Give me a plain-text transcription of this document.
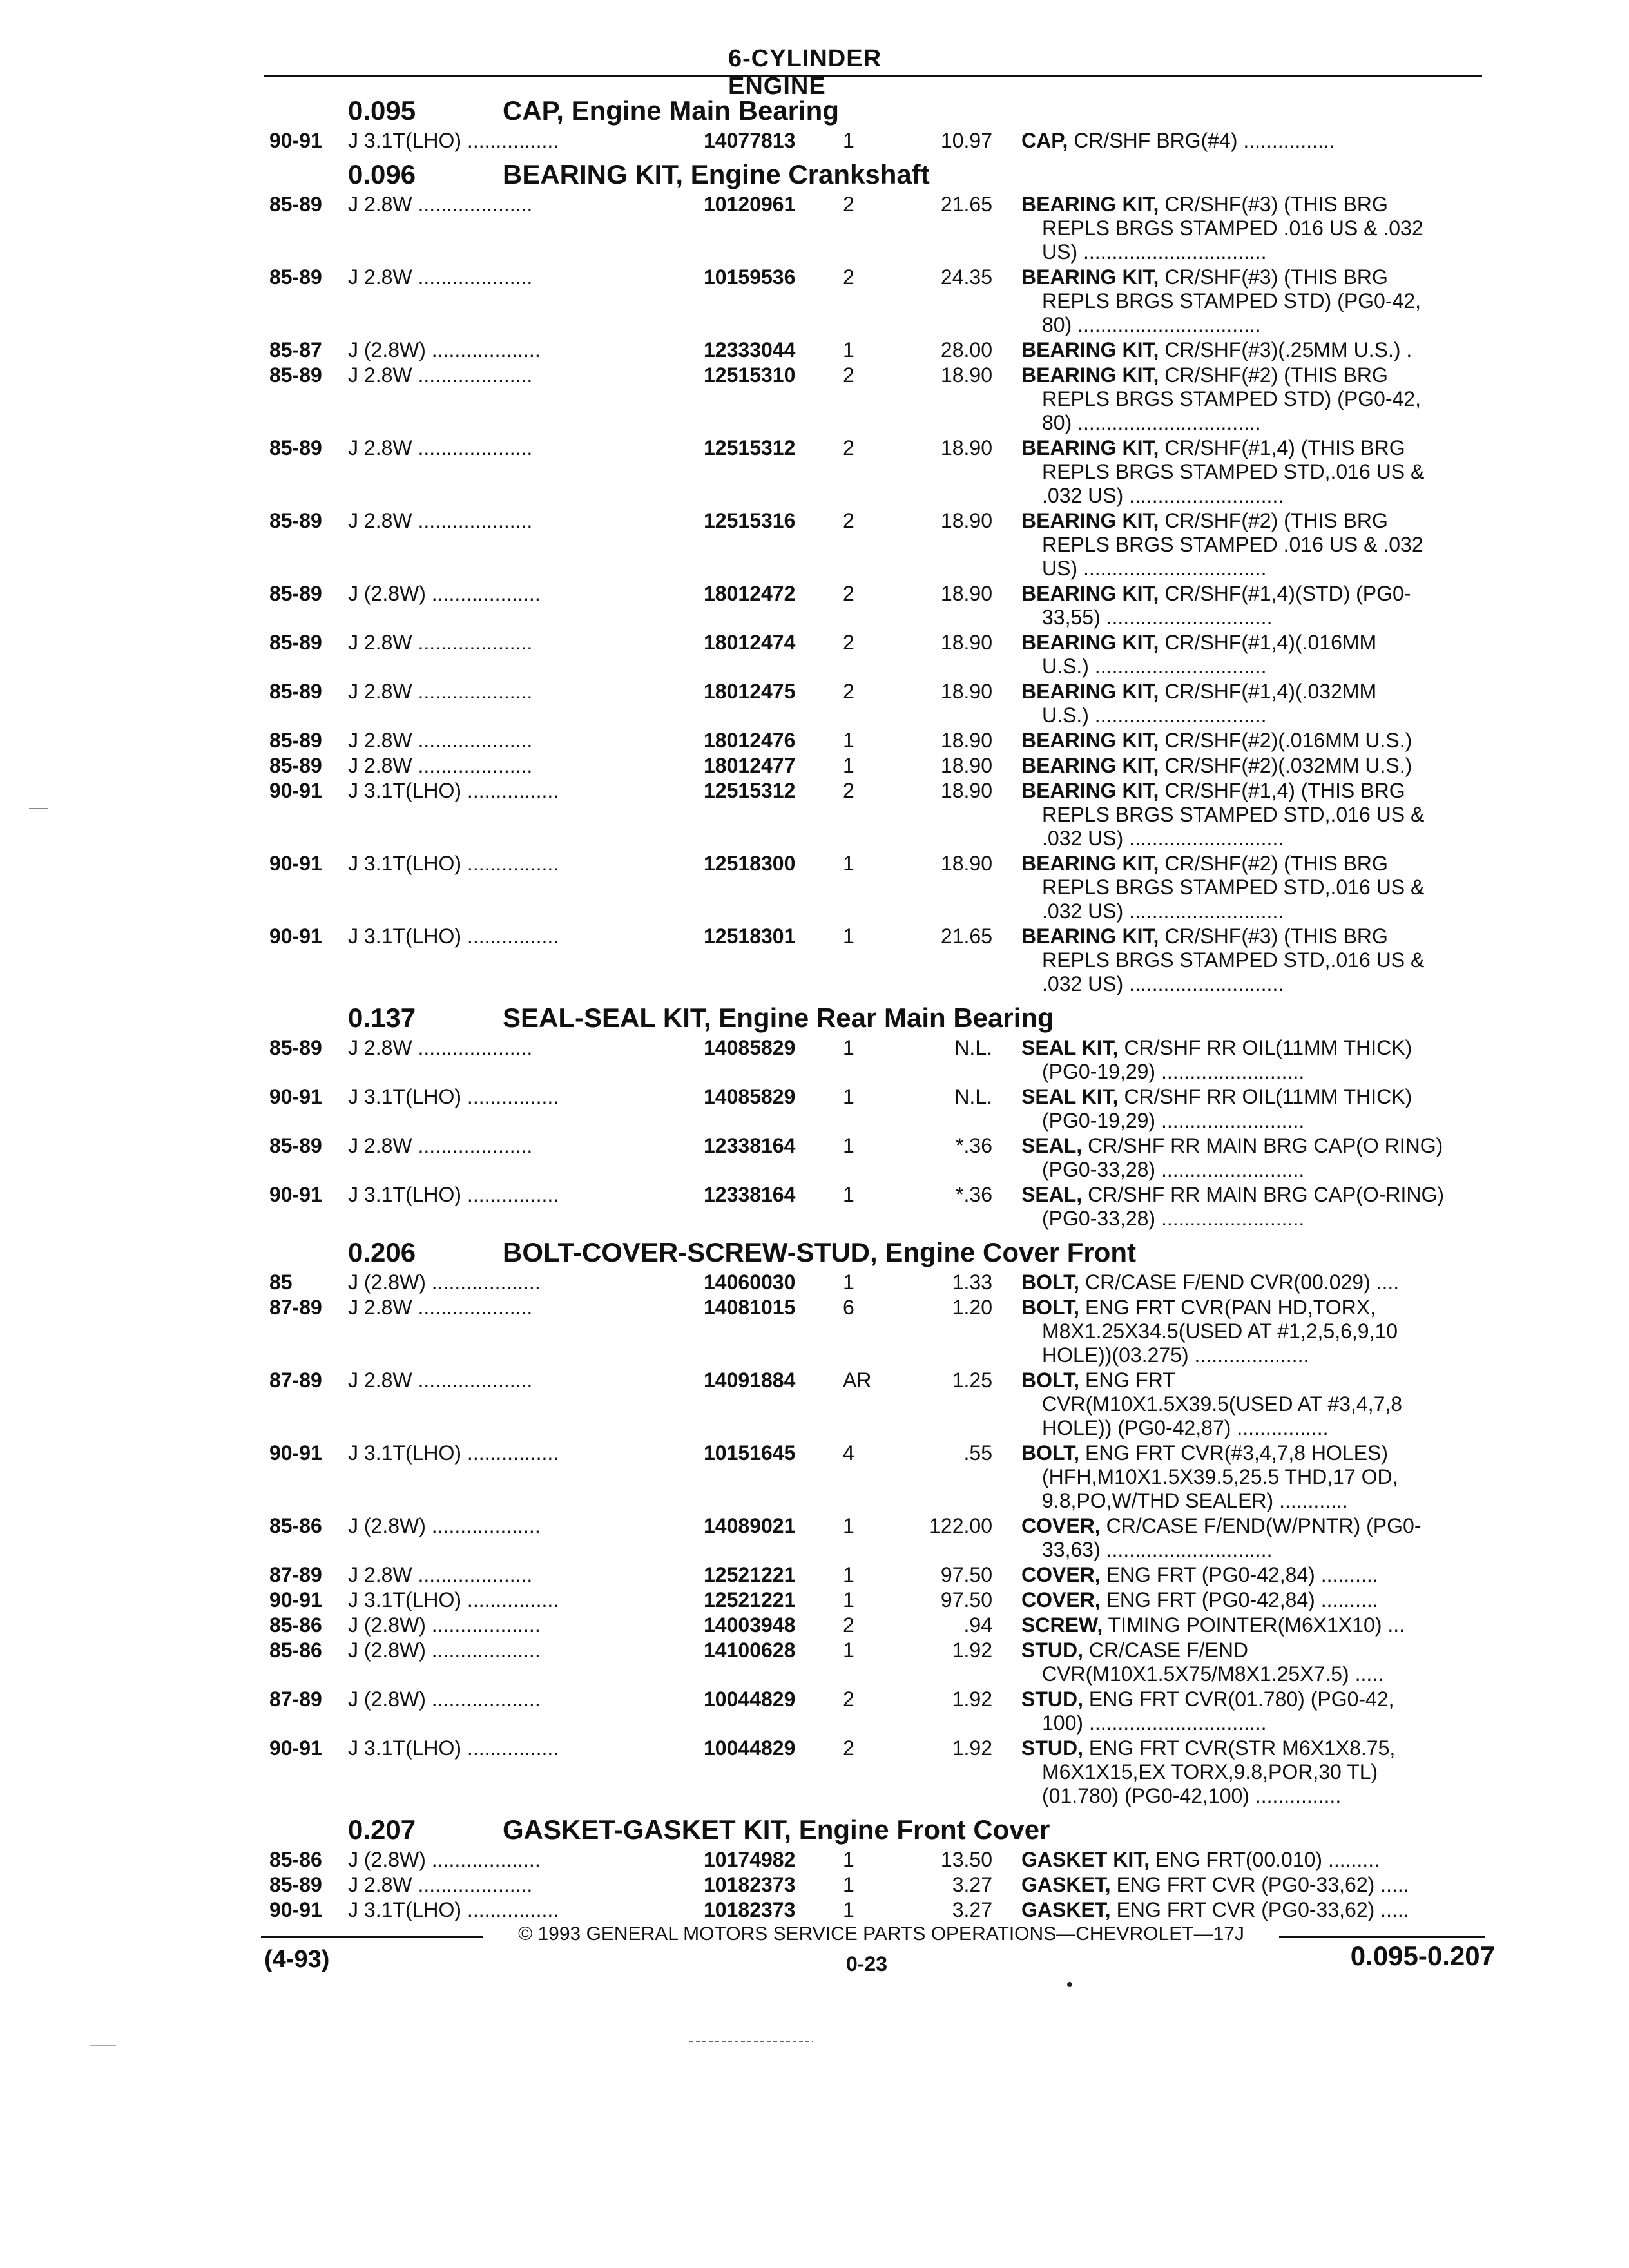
6-CYLINDER ENGINE
0.095	CAP, Engine Main Bearing
90-91 J 3.1T(LHO) ................	14077813 1	10.97 CAP, CR/SHF BRG(#4) ................
0.096	BEARING KIT, Engine Crankshaft
85-89 J 2.8W ....................	10120961 2	21.65 BEARING KIT, CR/SHF(#3) (THIS BRG
REPLS BRGS STAMPED .016 US & .032
US) ................................
85-89 J 2.8W ....................	10159536 2	24.35 BEARING KIT, CR/SHF(#3) (THIS BRG
REPLS BRGS STAMPED STD) (PG0-42,
80) ................................
85-87 J (2.8W) ...................	12333044 1	28.00 BEARING KIT, CR/SHF(#3)(.25MM U.S.) .
85-89 J 2.8W ....................	12515310 2	18.90 BEARING KIT, CR/SHF(#2) (THIS BRG
REPLS BRGS STAMPED STD) (PG0-42,
80) ................................
85-89 J 2.8W ....................	12515312 2	18.90 BEARING KIT, CR/SHF(#1,4) (THIS BRG
REPLS BRGS STAMPED STD,.016 US &
.032 US) ...........................
85-89 J 2.8W ....................	12515316 2	18.90 BEARING KIT, CR/SHF(#2) (THIS BRG
REPLS BRGS STAMPED .016 US & .032
US) ................................
85-89 J (2.8W) ...................	18012472 2	18.90 BEARING KIT, CR/SHF(#1,4)(STD) (PG0-
33,55) .............................
85-89 J 2.8W ....................	18012474 2	18.90 BEARING KIT, CR/SHF(#1,4)(.016MM
U.S.) ..............................
85-89 J 2.8W ....................	18012475 2	18.90 BEARING KIT, CR/SHF(#1,4)(.032MM
U.S.) ..............................
85-89 J 2.8W ....................	18012476 1	18.90 BEARING KIT, CR/SHF(#2)(.016MM U.S.)
85-89 J 2.8W ....................	18012477 1	18.90 BEARING KIT, CR/SHF(#2)(.032MM U.S.)
90-91 J 3.1T(LHO) ................	12515312 2	18.90 BEARING KIT, CR/SHF(#1,4) (THIS BRG
REPLS BRGS STAMPED STD,.016 US &
.032 US) ...........................
90-91 J 3.1T(LHO) ................	12518300 1	18.90 BEARING KIT, CR/SHF(#2) (THIS BRG
REPLS BRGS STAMPED STD,.016 US &
.032 US) ...........................
90-91 J 3.1T(LHO) ................	12518301 1	21.65 BEARING KIT, CR/SHF(#3) (THIS BRG
REPLS BRGS STAMPED STD,.016 US &
.032 US) ...........................
0.137	SEAL-SEAL KIT, Engine Rear Main Bearing
85-89 J 2.8W ....................	14085829 1	N.L. SEAL KIT, CR/SHF RR OIL(11MM THICK)
(PG0-19,29) .........................
90-91 J 3.1T(LHO) ................	14085829 1	N.L. SEAL KIT, CR/SHF RR OIL(11MM THICK)
(PG0-19,29) .........................
85-89 J 2.8W ....................	12338164 1	*.36 SEAL, CR/SHF RR MAIN BRG CAP(O RING)
(PG0-33,28) .........................
90-91 J 3.1T(LHO) ................	12338164 1	*.36 SEAL, CR/SHF RR MAIN BRG CAP(O-RING)
(PG0-33,28) .........................
0.206	BOLT-COVER-SCREW-STUD, Engine Cover Front
85	J (2.8W) ...................	14060030 1	1.33 BOLT, CR/CASE F/END CVR(00.029) ....
87-89 J 2.8W ....................	14081015 6	1.20 BOLT, ENG FRT CVR(PAN HD,TORX,
M8X1.25X34.5(USED AT #1,2,5,6,9,10
HOLE))(03.275) ....................
87-89 J 2.8W ....................	14091884 AR	1.25 BOLT, ENG FRT
CVR(M10X1.5X39.5(USED AT #3,4,7,8
HOLE)) (PG0-42,87) ................
90-91 J 3.1T(LHO) ................	10151645 4	.55 BOLT, ENG FRT CVR(#3,4,7,8 HOLES)
(HFH,M10X1.5X39.5,25.5 THD,17 OD,
9.8,PO,W/THD SEALER) ............
85-86 J (2.8W) ...................	14089021 1	122.00 COVER, CR/CASE F/END(W/PNTR) (PG0-
33,63) .............................
87-89 J 2.8W ....................	12521221 1	97.50 COVER, ENG FRT (PG0-42,84) ..........
90-91 J 3.1T(LHO) ................	12521221 1	97.50 COVER, ENG FRT (PG0-42,84) ..........
85-86 J (2.8W) ...................	14003948 2	.94 SCREW, TIMING POINTER(M6X1X10) ...
85-86 J (2.8W) ...................	14100628 1	1.92 STUD, CR/CASE F/END
CVR(M10X1.5X75/M8X1.25X7.5) .....
87-89 J (2.8W) ...................	10044829 2	1.92 STUD, ENG FRT CVR(01.780) (PG0-42,
100) ...............................
90-91 J 3.1T(LHO) ................	10044829 2	1.92 STUD, ENG FRT CVR(STR M6X1X8.75,
M6X1X15,EX TORX,9.8,POR,30 TL)
(01.780) (PG0-42,100) ...............
0.207	GASKET-GASKET KIT, Engine Front Cover
85-86 J (2.8W) ...................	10174982 1	13.50 GASKET KIT, ENG FRT(00.010) .........
85-89 J 2.8W ....................	10182373 1	3.27 GASKET, ENG FRT CVR (PG0-33,62) .....
90-91 J 3.1T(LHO) ................	10182373 1	3.27 GASKET, ENG FRT CVR (PG0-33,62) .....
© 1993 GENERAL MOTORS SERVICE PARTS OPERATIONS—CHEVROLET—17J
(4-93)	0-23	0.095-0.207
